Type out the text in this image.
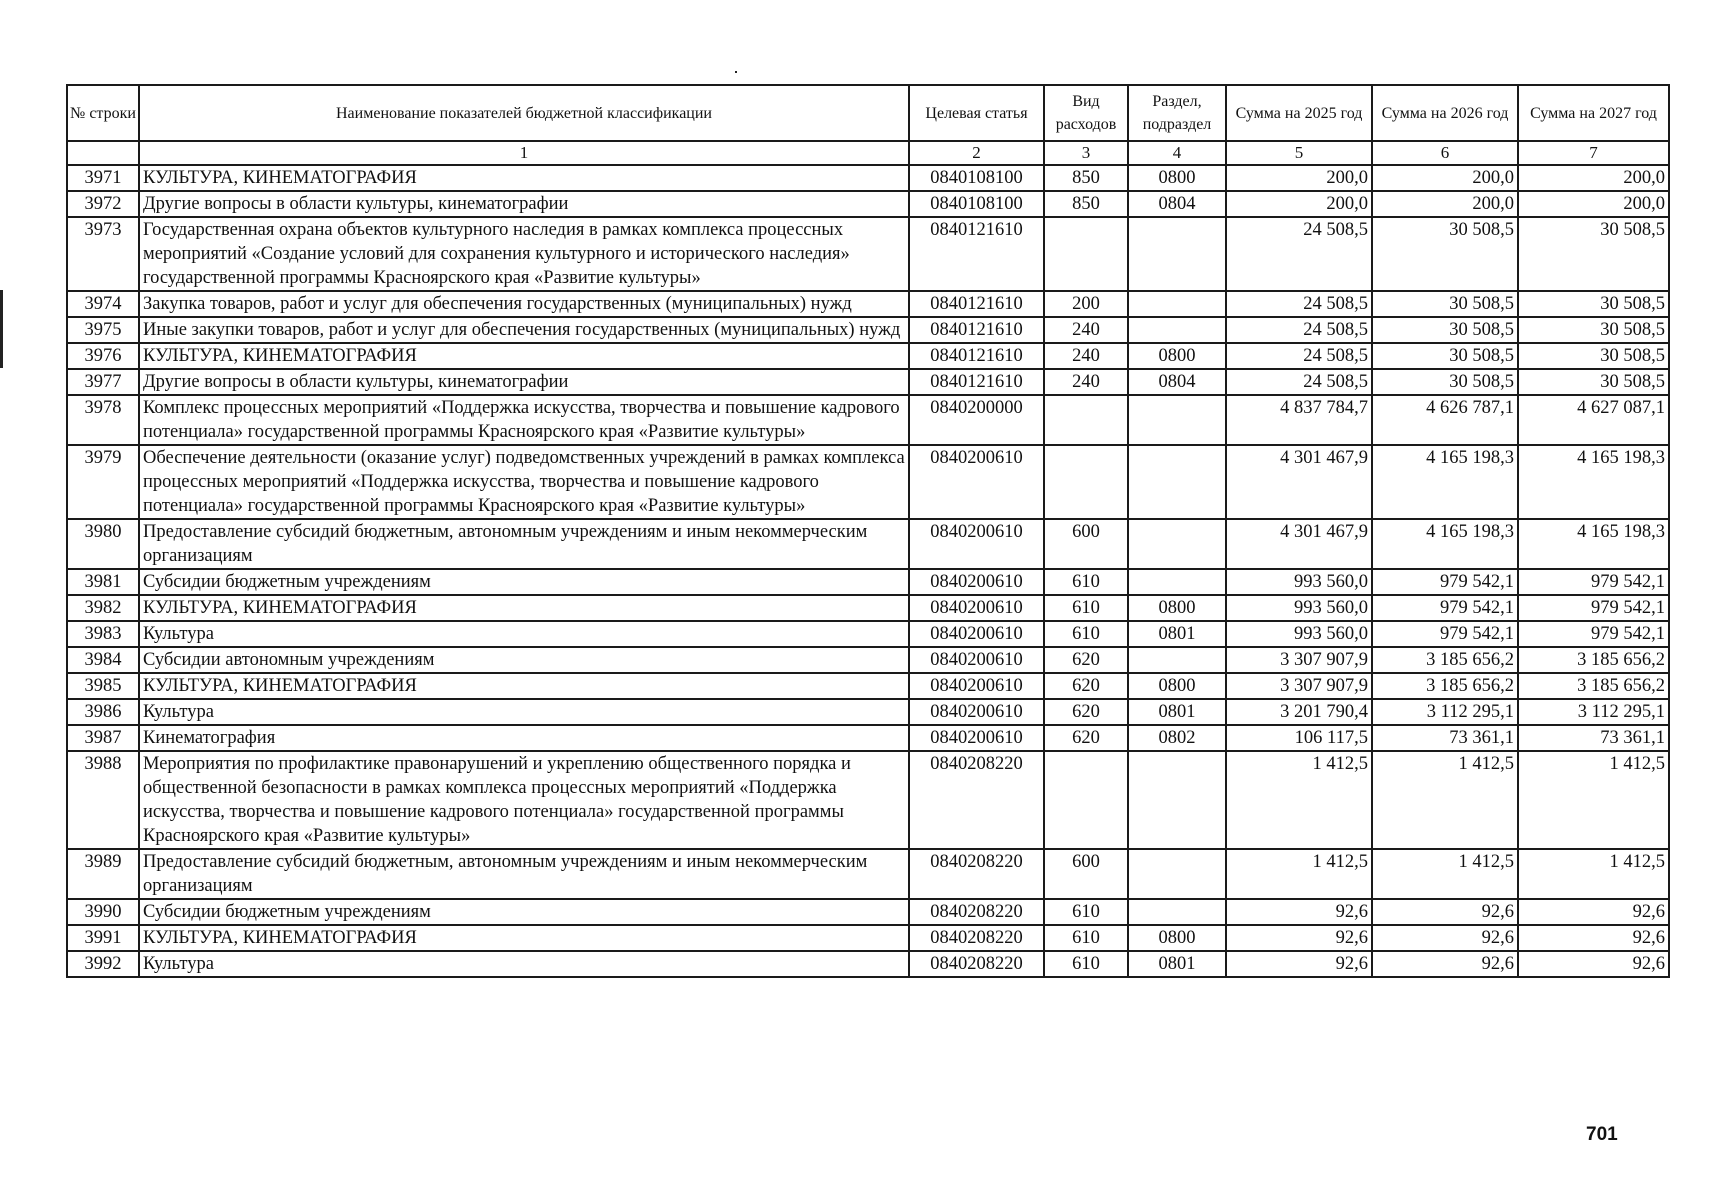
№ строки	Наименование показателей бюджетной классификации	Целевая статья	Вид расходов	Раздел, подраздел	Сумма на 2025 год	Сумма на 2026 год	Сумма на 2027 год
	1	2	3	4	5	6	7
3971	КУЛЬТУРА, КИНЕМАТОГРАФИЯ	0840108100	850	0800	200,0	200,0	200,0
3972	Другие вопросы в области культуры, кинематографии	0840108100	850	0804	200,0	200,0	200,0
3973	Государственная охрана объектов культурного наследия в рамках комплекса процессных мероприятий «Создание условий для сохранения культурного и исторического наследия» государственной программы Красноярского края «Развитие культуры»	0840121610			24 508,5	30 508,5	30 508,5
3974	Закупка товаров, работ и услуг для обеспечения государственных (муниципальных) нужд	0840121610	200		24 508,5	30 508,5	30 508,5
3975	Иные закупки товаров, работ и услуг для обеспечения государственных (муниципальных) нужд	0840121610	240		24 508,5	30 508,5	30 508,5
3976	КУЛЬТУРА, КИНЕМАТОГРАФИЯ	0840121610	240	0800	24 508,5	30 508,5	30 508,5
3977	Другие вопросы в области культуры, кинематографии	0840121610	240	0804	24 508,5	30 508,5	30 508,5
3978	Комплекс процессных мероприятий «Поддержка искусства, творчества и повышение кадрового потенциала» государственной программы Красноярского края «Развитие культуры»	0840200000			4 837 784,7	4 626 787,1	4 627 087,1
3979	Обеспечение деятельности (оказание услуг) подведомственных учреждений в рамках комплекса процессных мероприятий «Поддержка искусства, творчества и повышение кадрового потенциала» государственной программы Красноярского края «Развитие культуры»	0840200610			4 301 467,9	4 165 198,3	4 165 198,3
3980	Предоставление субсидий бюджетным, автономным учреждениям и иным некоммерческим организациям	0840200610	600		4 301 467,9	4 165 198,3	4 165 198,3
3981	Субсидии бюджетным учреждениям	0840200610	610		993 560,0	979 542,1	979 542,1
3982	КУЛЬТУРА, КИНЕМАТОГРАФИЯ	0840200610	610	0800	993 560,0	979 542,1	979 542,1
3983	Культура	0840200610	610	0801	993 560,0	979 542,1	979 542,1
3984	Субсидии автономным учреждениям	0840200610	620		3 307 907,9	3 185 656,2	3 185 656,2
3985	КУЛЬТУРА, КИНЕМАТОГРАФИЯ	0840200610	620	0800	3 307 907,9	3 185 656,2	3 185 656,2
3986	Культура	0840200610	620	0801	3 201 790,4	3 112 295,1	3 112 295,1
3987	Кинематография	0840200610	620	0802	106 117,5	73 361,1	73 361,1
3988	Мероприятия по профилактике правонарушений и укреплению общественного порядка и общественной безопасности в рамках комплекса процессных мероприятий «Поддержка искусства, творчества и повышение кадрового потенциала» государственной программы Красноярского края «Развитие культуры»	0840208220			1 412,5	1 412,5	1 412,5
3989	Предоставление субсидий бюджетным, автономным учреждениям и иным некоммерческим организациям	0840208220	600		1 412,5	1 412,5	1 412,5
3990	Субсидии бюджетным учреждениям	0840208220	610		92,6	92,6	92,6
3991	КУЛЬТУРА, КИНЕМАТОГРАФИЯ	0840208220	610	0800	92,6	92,6	92,6
3992	Культура	0840208220	610	0801	92,6	92,6	92,6
701
